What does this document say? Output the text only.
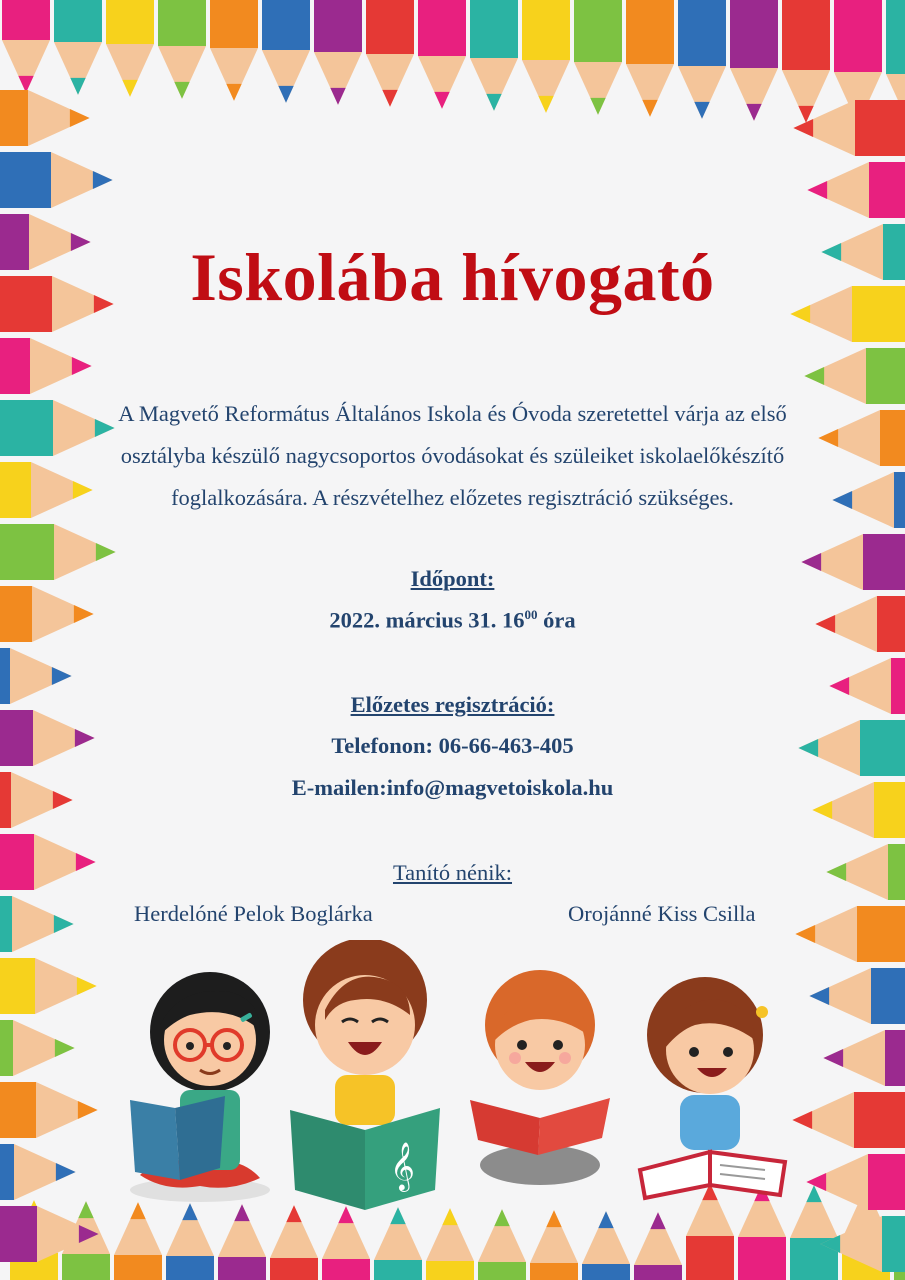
Iskolába hívogató

A Magvető Református Általános Iskola és Óvoda szeretettel várja az első osztályba készülő nagycsoportos óvodásokat és szüleiket iskolaelőkészítő foglalkozására. A részvételhez előzetes regisztráció szükséges.

Időpont:

2022. március 31. $16^{00}$ óra

Előzetes regisztráció:

Telefonon: 06-66-463-405

E-mailen:info@magvetoiskola.hu

Tanító nénik:

Herdelóné Pelok Boglárka	Orojánné Kiss Csilla

𝄞
